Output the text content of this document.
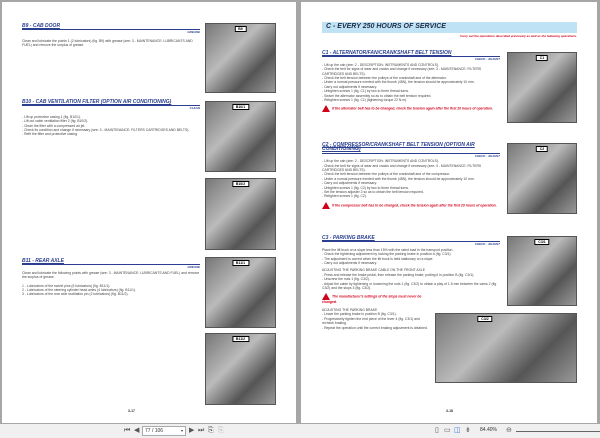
B9 - CAB DOOR
GREASE
Clean and lubricate the points 1 (2 lubricators) (fig. B9) with grease (see: 3 - MAINTENANCE: LUBRICANTS AND FUEL) and remove the surplus of grease.
B9
B10 - CAB VENTILATION FILTER (OPTION AIR CONDITIONING)
CLEAN
- Lift up protective casing 1 (fig. B10/1).
- Lift out cabin ventilation filter 2 (fig. B10/2).
- Clean the filter with a compressed air jet.
- Check its condition and change if necessary (see: 3 - MAINTENANCE: FILTERS CARTRIDGES AND BELTS).
- Refit the filter and protective casing.
B10/1
B10/2
B11 - REAR AXLE
GREASE
Clean and lubricate the following points with grease (see: 3 - MAINTENANCE: LUBRICANTS AND FUEL) and remove the surplus of grease.
1 - Lubricators of the swivel pins (6 lubricators) (fig. B11/1).
2 - Lubricators of the steering cylinder head axles (4 lubricators) (fig. B11/1).
3 - Lubricators of the rear axle oscillation pin (2 lubricators) (fig. B11/2).
B11/1
B11/2
3-17
C - EVERY 250 HOURS OF SERVICE
Carry out the operations described previously as well as the following operations.
C1 - ALTERNATOR/FAN/CRANKSHAFT BELT TENSION
CHECK - ADJUST
- Lift up the cab (see: 2 - DESCRIPTION: INSTRUMENTS AND CONTROLS).
- Check the belt for signs of wear and cracks and change if necessary (see: 3 - MAINTENANCE: FILTERS CARTRIDGES AND BELTS).
- Check the belt tension between the pulleys of the crankshaft and of the alternator.
- Under a normal pressure exerted with the thumb (45N), the tension should be approximately 10 mm.
- Carry out adjustments if necessary.
- Untighten screws 1 (fig. C1) by two to three thread turns.
- Swivel the alternator assembly so as to obtain the belt tension required.
- Retighten screws 1 (fig. C1) (tightening torque 22 N.m).
If the alternator belt has to be changed, check the tension again after the first 20 hours of operation.
C1
C2 - COMPRESSOR/CRANKSHAFT BELT TENSION (OPTION AIR CONDITIONING)
CHECK - ADJUST
- Lift up the cab (see: 2 - DESCRIPTION: INSTRUMENTS AND CONTROLS).
- Check the belt for signs of wear and cracks and change if necessary (see: 3 - MAINTENANCE: FILTERS CARTRIDGES AND BELTS).
- Check the belt tension between the pulleys of the crankshaft and of the compressor.
- Under a normal pressure exerted with the thumb (45N), the tension should be approximately 10 mm.
- Carry out adjustments if necessary.
- Untighten screws 1 (fig. C2) by two to three thread turns.
- Set the tension adjuster 2 so as to obtain the belt tension required.
- Retighten screws 1 (fig. C2).
If the compressor belt has to be changed, check the tension again after the first 20 hours of operation.
C2
C3 - PARKING BRAKE
CHECK - ADJUST
Place the lift truck on a slope less than 15% with the rated load in the transport position.
- Check the tightening adjustment by locking the parking brake in position A (fig. C3/1).
- The adjustment is correct when the lift truck is held stationary on a slope.
- Carry out adjustments if necessary.
ADJUSTING THE PARKING BRAKE CABLE ON THE FRONT AXLE
- Press and release the brake pedal, then release the parking brake, putting it in position B (fig. C3/1).
- Unscrew the nuts 1 (fig. C3/2).
- Adjust the cable by tightening or loosening the nuts 1 (fig. C3/2) to obtain a play of 1.5 mm between the cams 2 (fig. C3/2) and the stops 3 (fig. C3/2).
The manufacturer's settings of the stops must never be changed.
ADJUSTING THE PARKING BRAKE
- Leave the parking brake in position B (fig. C3/1).
- Progressively tighten the end piece of the lever 4 (fig. C3/1) and recheck braking.
- Repeat the operation until the correct braking adjustment is obtained.
C3/1
C3/2
3-18
⏮ ◀	77 / 106	▾ ▶ ⏭ ⎘ ⎘	▯ ▭ ◫ ⇟ 84.40% ⊖
